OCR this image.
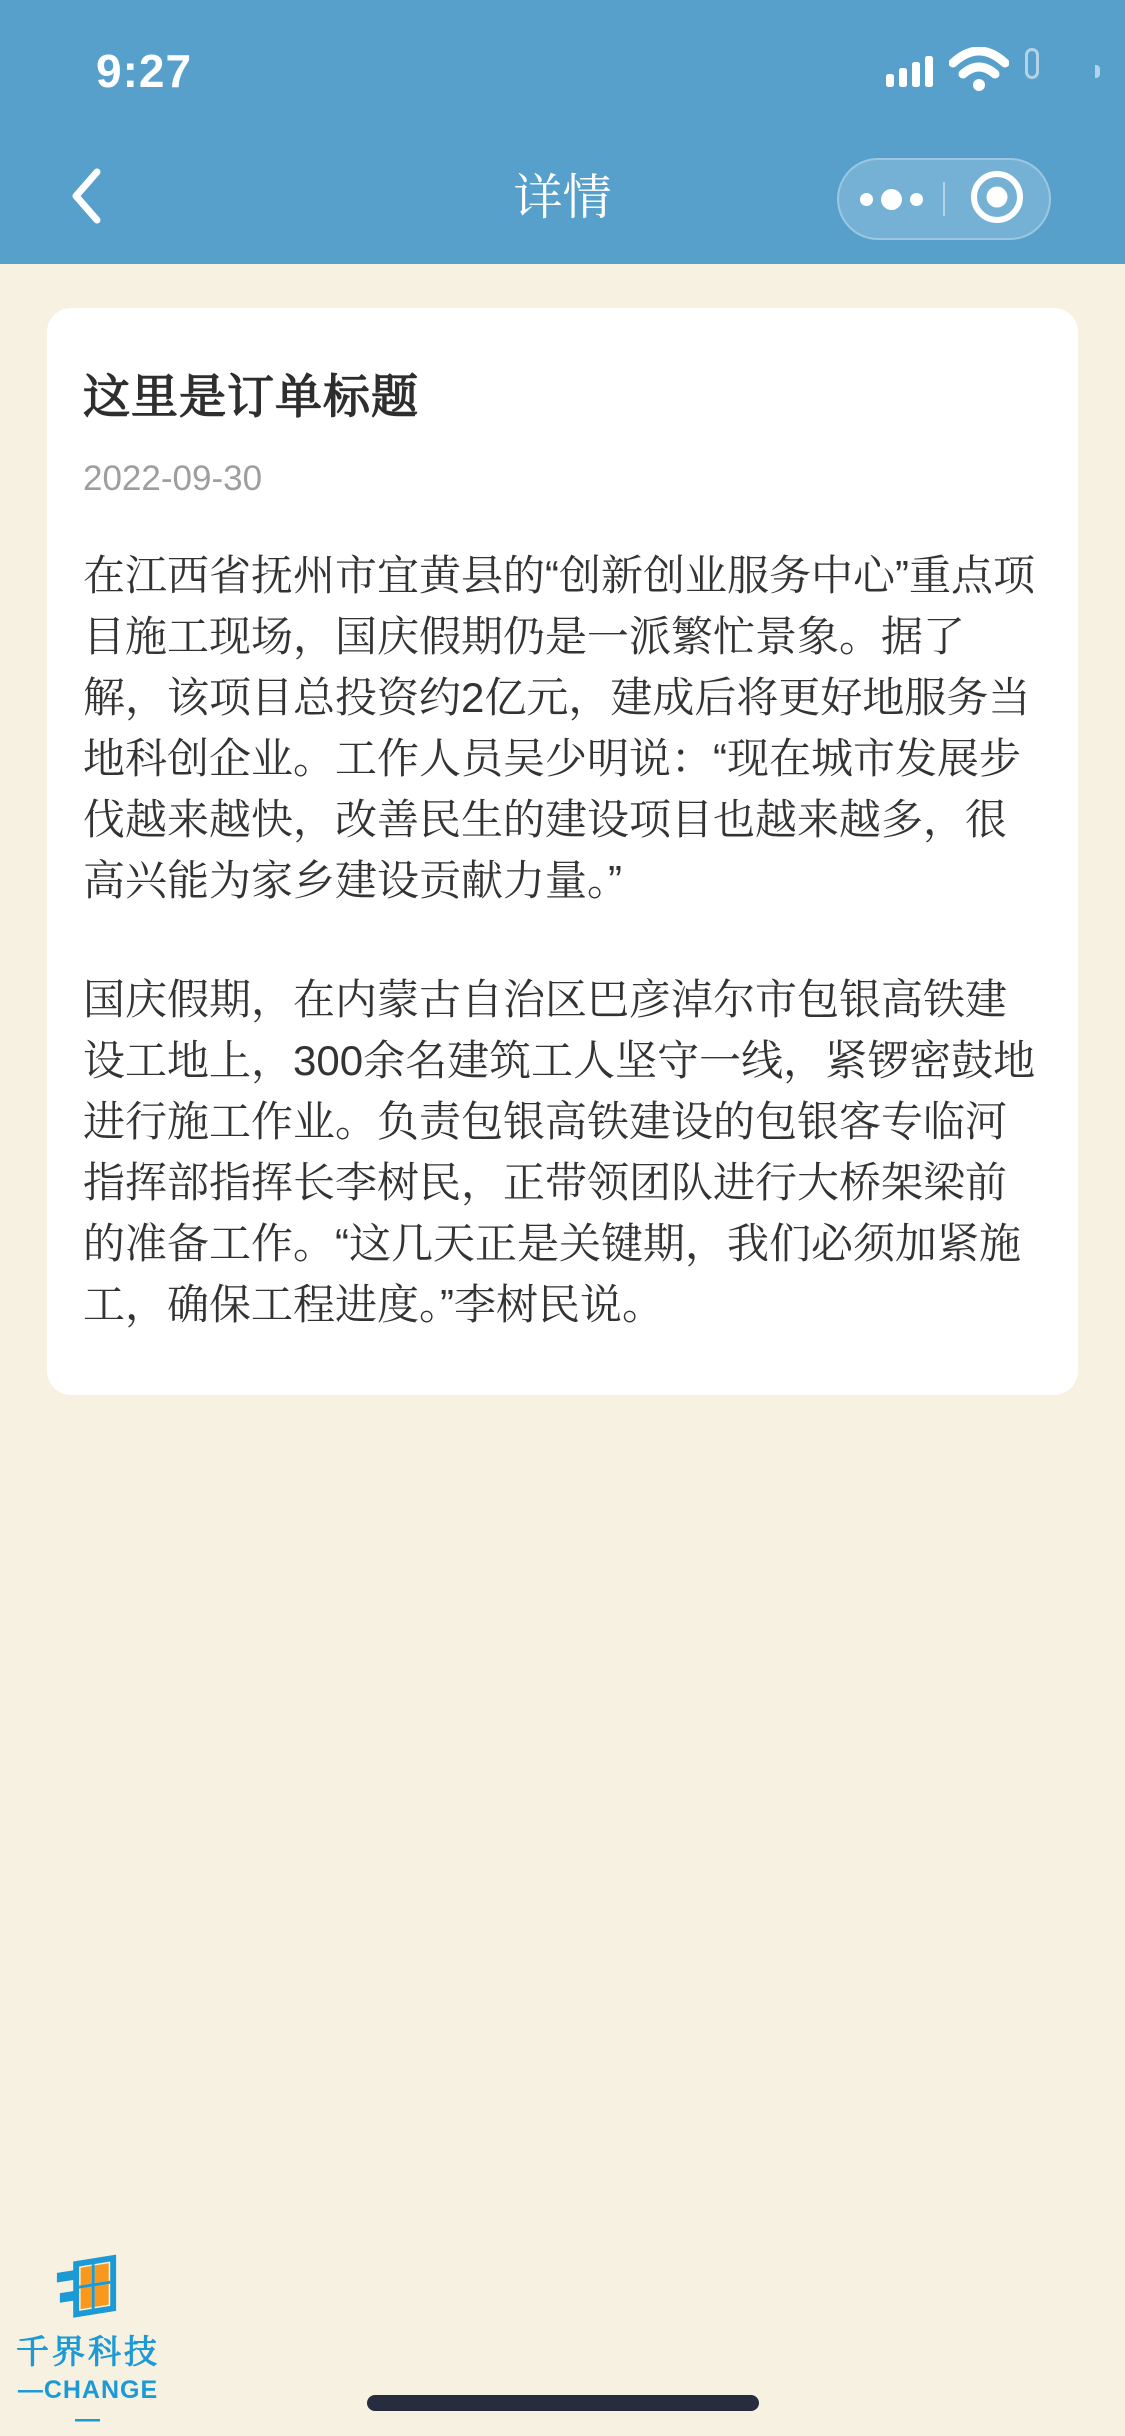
9:27
详情
这里是订单标题
2022-09-30

在江西省抚州市宜黄县的“创新创业服务中心”重点项目施工现场，国庆假期仍是一派繁忙景象。据了解，该项目总投资约2亿元，建成后将更好地服务当地科创企业。工作人员吴少明说：“现在城市发展步伐越来越快，改善民生的建设项目也越来越多，很高兴能为家乡建设贡献力量。”

国庆假期，在内蒙古自治区巴彦淖尔市包银高铁建设工地上，300余名建筑工人坚守一线，紧锣密鼓地进行施工作业。负责包银高铁建设的包银客专临河指挥部指挥长李树民，正带领团队进行大桥架梁前的准备工作。“这几天正是关键期，我们必须加紧施工，确保工程进度。”李树民说。

千界科技
—CHANGE—
